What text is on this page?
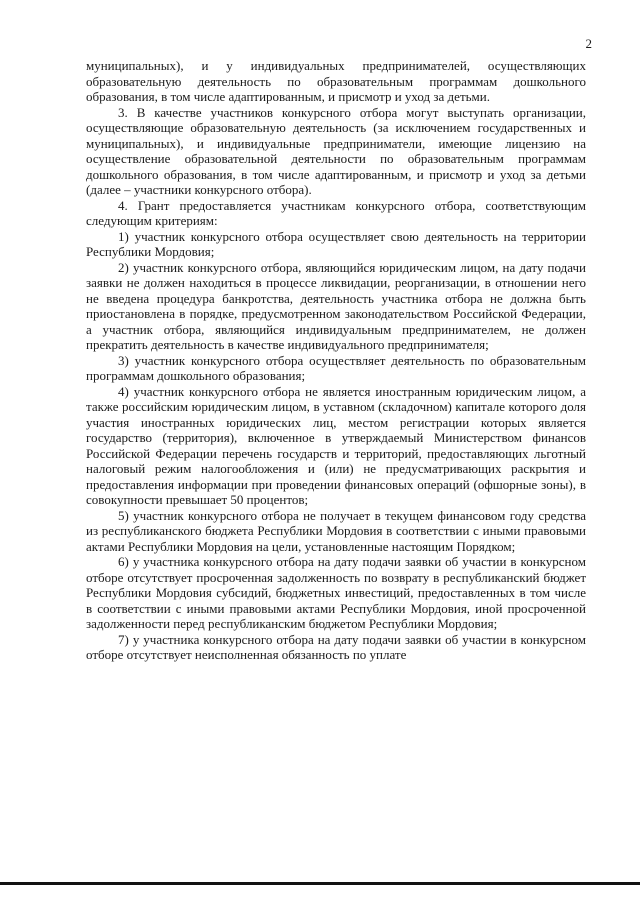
2

муниципальных), и у индивидуальных предпринимателей, осуществляющих образовательную деятельность по образовательным программам дошкольного образования, в том числе адаптированным, и присмотр и уход за детьми.

3. В качестве участников конкурсного отбора могут выступать организации, осуществляющие образовательную деятельность (за исключением государственных и муниципальных), и индивидуальные предприниматели, имеющие лицензию на осуществление образовательной деятельности по образовательным программам дошкольного образования, в том числе адаптированным, и присмотр и уход за детьми (далее – участники конкурсного отбора).

4. Грант предоставляется участникам конкурсного отбора, соответствующим следующим критериям:

1) участник конкурсного отбора осуществляет свою деятельность на территории Республики Мордовия;

2) участник конкурсного отбора, являющийся юридическим лицом, на дату подачи заявки не должен находиться в процессе ликвидации, реорганизации, в отношении него не введена процедура банкротства, деятельность участника отбора не должна быть приостановлена в порядке, предусмотренном законодательством Российской Федерации, а участник отбора, являющийся индивидуальным предпринимателем, не должен прекратить деятельность в качестве индивидуального предпринимателя;

3) участник конкурсного отбора осуществляет деятельность по образовательным программам дошкольного образования;

4) участник конкурсного отбора не является иностранным юридическим лицом, а также российским юридическим лицом, в уставном (складочном) капитале которого доля участия иностранных юридических лиц, местом регистрации которых является государство (территория), включенное в утверждаемый Министерством финансов Российской Федерации перечень государств и территорий, предоставляющих льготный налоговый режим налогообложения и (или) не предусматривающих раскрытия и предоставления информации при проведении финансовых операций (офшорные зоны), в совокупности превышает 50 процентов;

5) участник конкурсного отбора не получает в текущем финансовом году средства из республиканского бюджета Республики Мордовия в соответствии с иными правовыми актами Республики Мордовия на цели, установленные настоящим Порядком;

6) у участника конкурсного отбора на дату подачи заявки об участии в конкурсном отборе отсутствует просроченная задолженность по возврату в республиканский бюджет Республики Мордовия субсидий, бюджетных инвестиций, предоставленных в том числе в соответствии с иными правовыми актами Республики Мордовия, иной просроченной задолженности перед республиканским бюджетом Республики Мордовия;

7) у участника конкурсного отбора на дату подачи заявки об участии в конкурсном отборе отсутствует неисполненная обязанность по уплате
